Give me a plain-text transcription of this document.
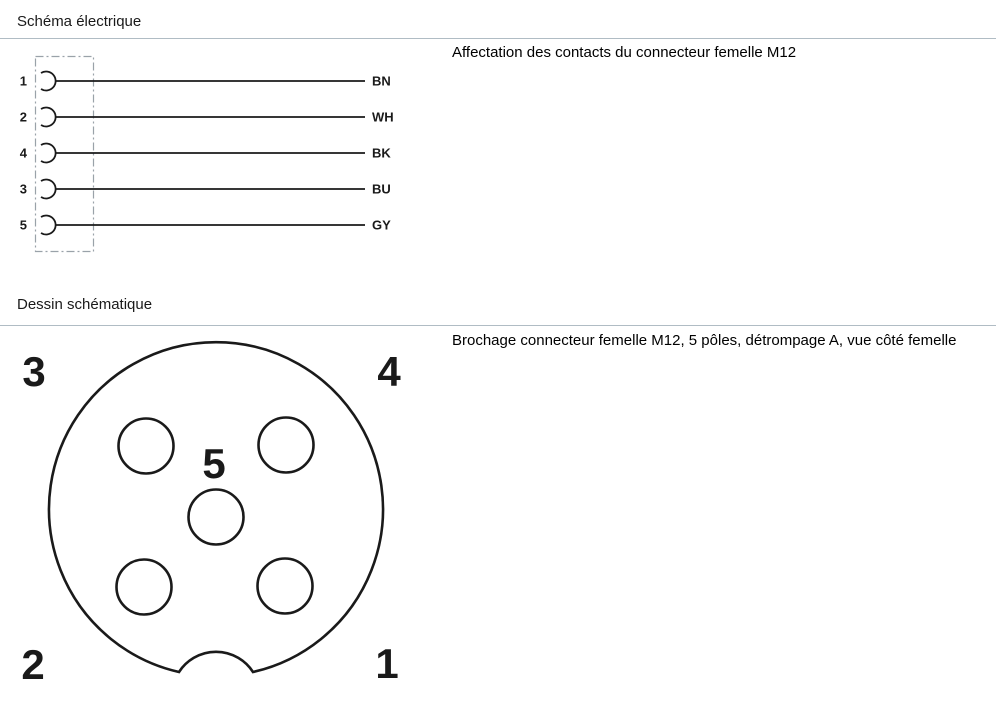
Schéma électrique
Affectation des contacts du connecteur femelle M12
1	BN
2	WH
4	BK
3	BU
5	GY
Dessin schématique
Brochage connecteur femelle M12, 5 pôles, détrompage A, vue côté femelle
3	4
5
2	1
